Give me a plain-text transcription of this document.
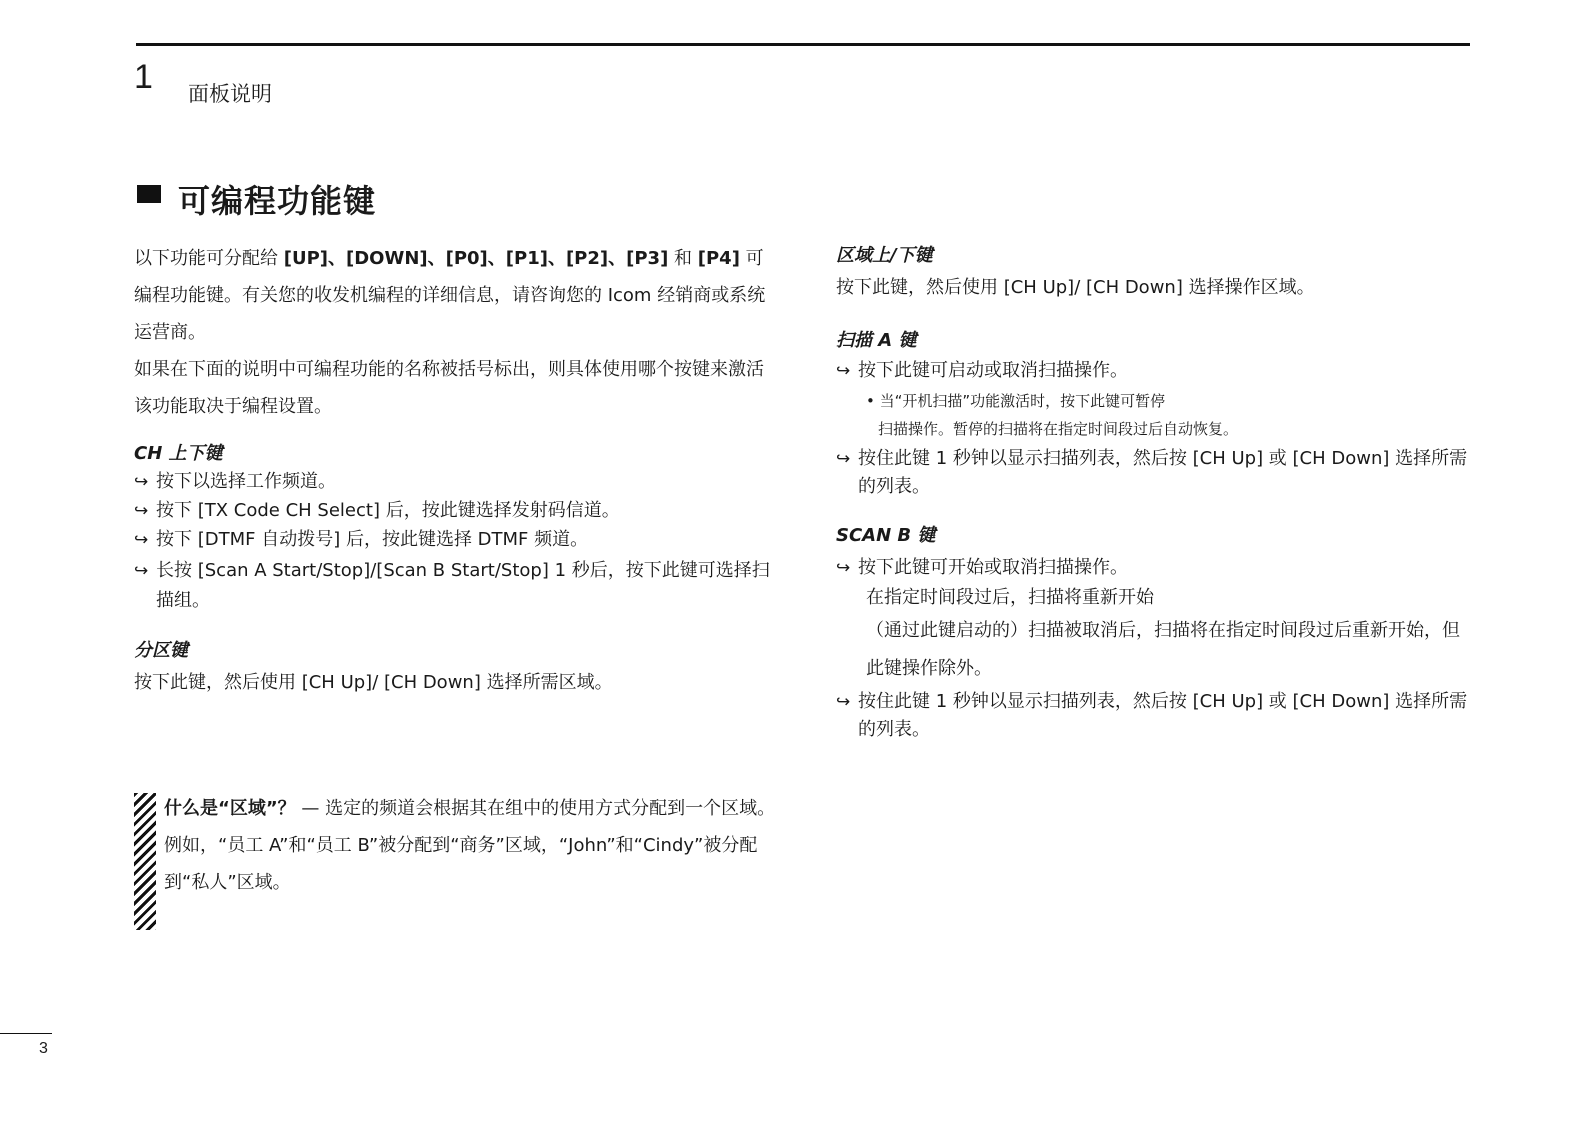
1 面板说明
可编程功能键

以下功能可分配给 [UP]、[DOWN]、[P0]、[P1]、[P2]、[P3] 和 [P4] 可编程功能键。有关您的收发机编程的详细信息，请咨询您的 Icom 经销商或系统运营商。

如果在下面的说明中可编程功能的名称被括号标出，则具体使用哪个按键来激活该功能取决于编程设置。

CH 上下键

↪ 按下以选择工作频道。
↪ 按下 [TX Code CH Select] 后，按此键选择发射码信道。
↪ 按下 [DTMF 自动拨号] 后，按此键选择 DTMF 频道。
↪ 长按 [Scan A Start/Stop]/[Scan B Start/Stop] 1 秒后，按下此键可选择扫描组。

分区键

按下此键，然后使用 [CH Up]/ [CH Down] 选择所需区域。

什么是“区域”？ — 选定的频道会根据其在组中的使用方式分配到一个区域。例如，“员工 A”和“员工 B”被分配到“商务”区域，“John”和“Cindy”被分配到“私人”区域。

区域上/下键

按下此键，然后使用 [CH Up]/ [CH Down] 选择操作区域。

扫描 A 键

↪ 按下此键可启动或取消扫描操作。

• 当“开机扫描”功能激活时，按下此键可暂停

扫描操作。暂停的扫描将在指定时间段过后自动恢复。

↪ 按住此键 1 秒钟以显示扫描列表，然后按 [CH Up] 或 [CH Down] 选择所需的列表。

SCAN B 键

↪ 按下此键可开始或取消扫描操作。

在指定时间段过后，扫描将重新开始

（通过此键启动的）扫描被取消后，扫描将在指定时间段过后重新开始，但此键操作除外。

↪ 按住此键 1 秒钟以显示扫描列表，然后按 [CH Up] 或 [CH Down] 选择所需的列表。
3
